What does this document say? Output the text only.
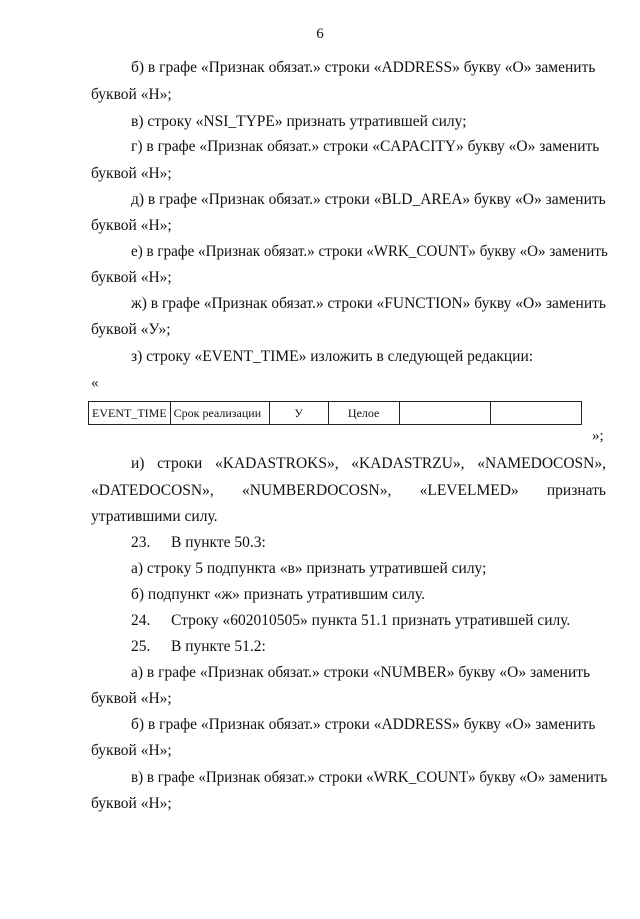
6
б) в графе «Признак обязат.» строки «ADDRESS» букву «О» заменить
буквой «Н»;
в) строку «NSI_TYPE» признать утратившей силу;
г) в графе «Признак обязат.» строки «CAPACITY» букву «О» заменить
буквой «Н»;
д) в графе «Признак обязат.» строки «BLD_AREA» букву «О» заменить
буквой «Н»;
е) в графе «Признак обязат.» строки «WRK_COUNT» букву «О» заменить
буквой «Н»;
ж) в графе «Признак обязат.» строки «FUNCTION» букву «О» заменить
буквой «У»;
з) строку «EVENT_TIME» изложить в следующей редакции:
«
EVENT_TIME	Срок реализации	У	Целое		
»;
и) строки «KADASTROKS», «KADASTRZU», «NAMEDOCOSN»,
«DATEDOCOSN», «NUMBERDOCOSN», «LEVELMED» признать
утратившими силу.
23. В пункте 50.3:
а) строку 5 подпункта «в» признать утратившей силу;
б) подпункт «ж» признать утратившим силу.
24. Строку «602010505» пункта 51.1 признать утратившей силу.
25. В пункте 51.2:
а) в графе «Признак обязат.» строки «NUMBER» букву «О» заменить
буквой «Н»;
б) в графе «Признак обязат.» строки «ADDRESS» букву «О» заменить
буквой «Н»;
в) в графе «Признак обязат.» строки «WRK_COUNT» букву «О» заменить
буквой «Н»;
